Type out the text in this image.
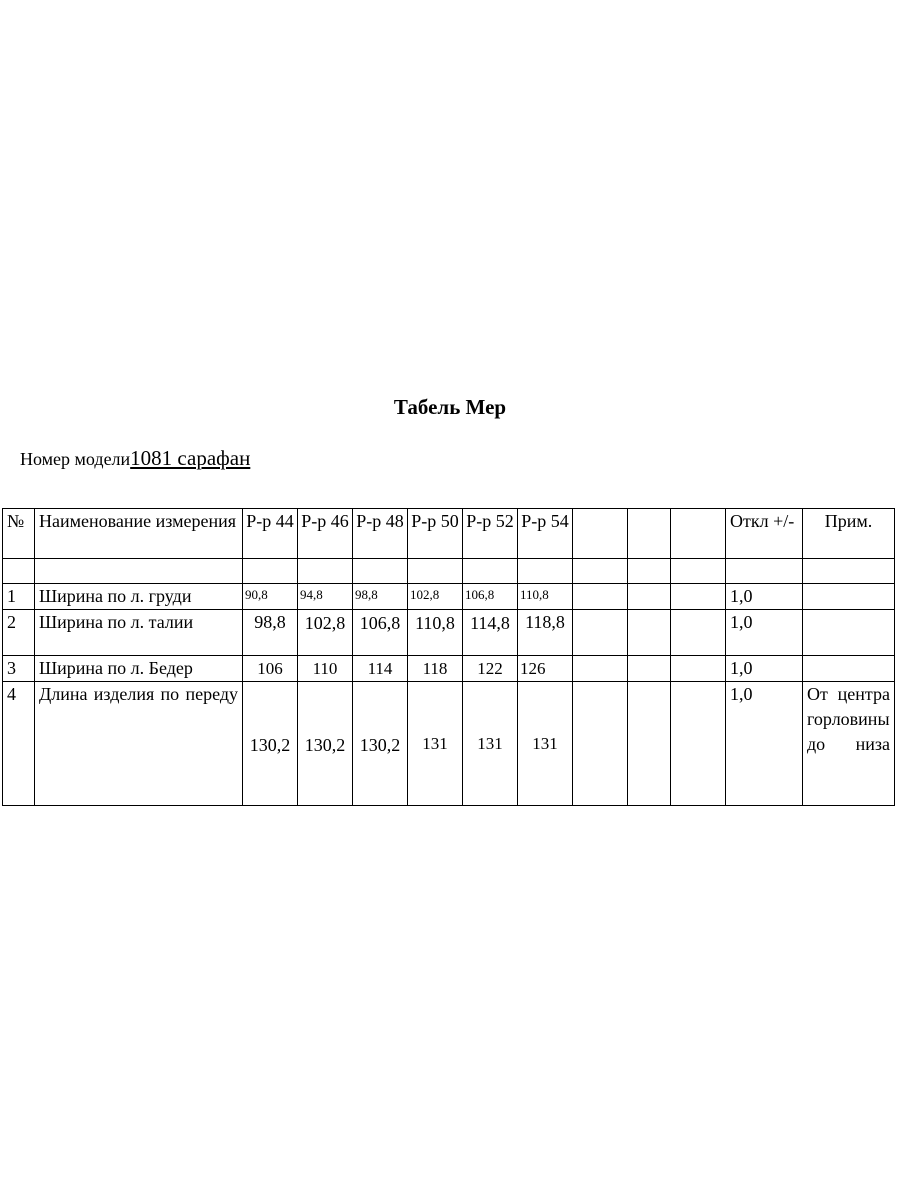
Табель Мер
Номер модели1081 сарафан
№	Наименование измерения	Р-р 44	Р-р 46	Р-р 48	Р-р 50	Р-р 52	Р-р 54				Откл +/-	Прим.

1	Ширина по л. груди	90,8	94,8	98,8	102,8	106,8	110,8				1,0	
2	Ширина по л. талии	98,8	102,8	106,8	110,8	114,8	118,8				1,0	
3	Ширина по л. Бедер	106	110	114	118	122	126				1,0	
4	Длина изделия по переду	130,2	130,2	130,2	131	131	131				1,0	От центра горловины до низа
